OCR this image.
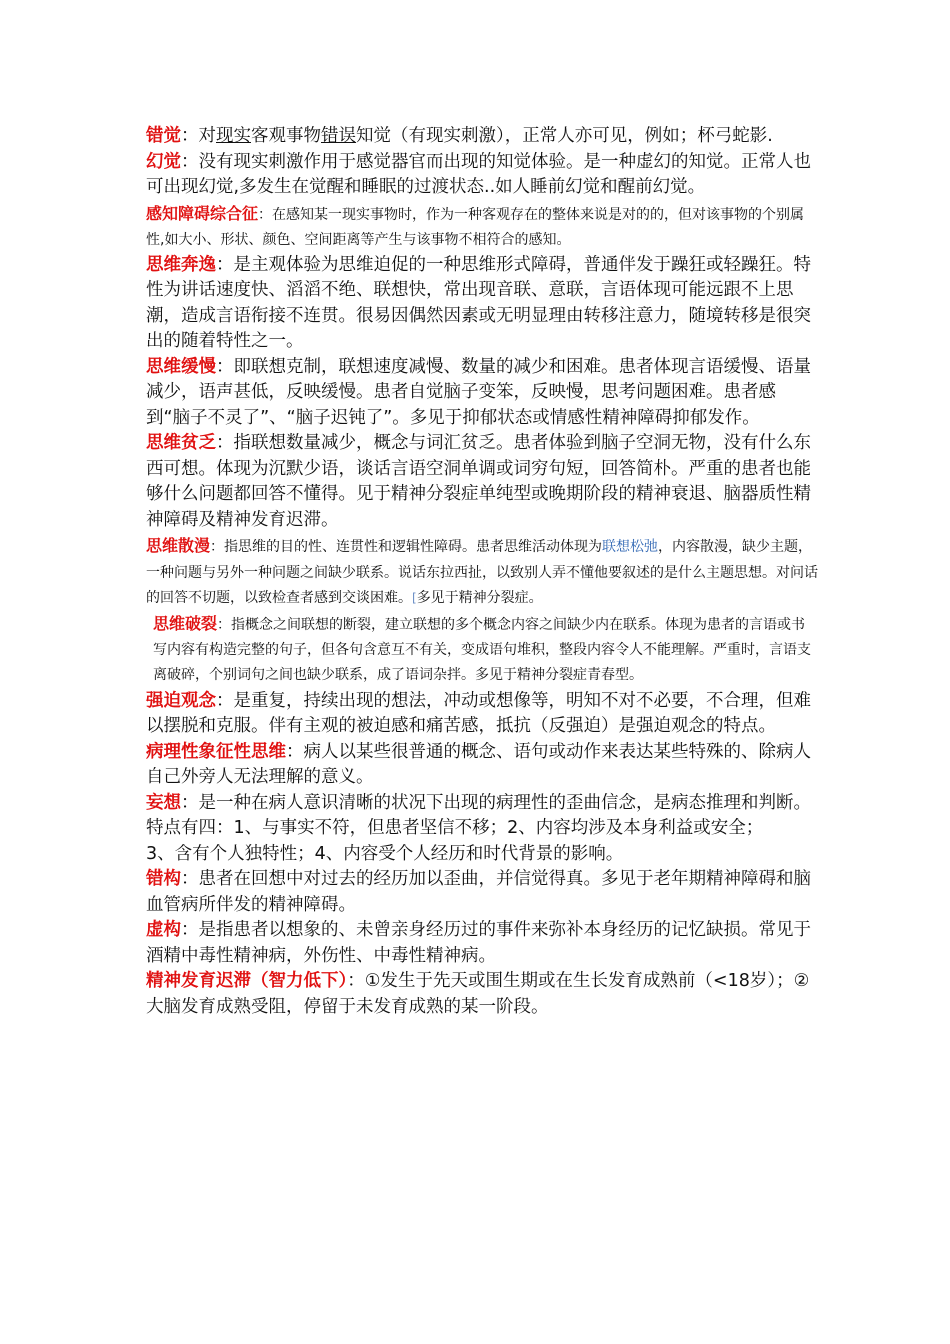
错觉：对现实客观事物错误知觉（有现实刺激），正常人亦可见，例如；杯弓蛇影.

幻觉：没有现实刺激作用于感觉器官而出现的知觉体验。是一种虚幻的知觉。正常人也可出现幻觉,多发生在觉醒和睡眠的过渡状态..如人睡前幻觉和醒前幻觉。

感知障碍综合征：在感知某一现实事物时，作为一种客观存在的整体来说是对的的，但对该事物的个别属性,如大小、形状、颜色、空间距离等产生与该事物不相符合的感知。

思维奔逸：是主观体验为思维迫促的一种思维形式障碍，普通伴发于躁狂或轻躁狂。特性为讲话速度快、滔滔不绝、联想快，常出现音联、意联，言语体现可能远跟不上思潮，造成言语衔接不连贯。很易因偶然因素或无明显理由转移注意力，随境转移是很突出的随着特性之一。

思维缓慢：即联想克制，联想速度减慢、数量的减少和困难。患者体现言语缓慢、语量减少，语声甚低，反映缓慢。患者自觉脑子变笨，反映慢，思考问题困难。患者感到“脑子不灵了”、“脑子迟钝了”。多见于抑郁状态或情感性精神障碍抑郁发作。

思维贫乏：指联想数量减少，概念与词汇贫乏。患者体验到脑子空洞无物，没有什么东西可想。体现为沉默少语，谈话言语空洞单调或词穷句短，回答简朴。严重的患者也能够什么问题都回答不懂得。见于精神分裂症单纯型或晚期阶段的精神衰退、脑器质性精神障碍及精神发育迟滞。

思维散漫：指思维的目的性、连贯性和逻辑性障碍。患者思维活动体现为联想松弛，内容散漫，缺少主题，一种问题与另外一种问题之间缺少联系。说话东拉西扯，以致别人弄不懂他要叙述的是什么主题思想。对问话的回答不切题，以致检查者感到交谈困难。[多见于精神分裂症。

思维破裂：指概念之间联想的断裂，建立联想的多个概念内容之间缺少内在联系。体现为患者的言语或书写内容有构造完整的句子，但各句含意互不有关，变成语句堆积，整段内容令人不能理解。严重时，言语支离破碎，个别词句之间也缺少联系，成了语词杂拌。多见于精神分裂症青春型。

强迫观念：是重复，持续出现的想法，冲动或想像等，明知不对不必要，不合理，但难以摆脱和克服。伴有主观的被迫感和痛苦感，抵抗（反强迫）是强迫观念的特点。

病理性象征性思维：病人以某些很普通的概念、语句或动作来表达某些特殊的、除病人自己外旁人无法理解的意义。

妄想：是一种在病人意识清晰的状况下出现的病理性的歪曲信念，是病态推理和判断。特点有四：1、与事实不符，但患者坚信不移；2、内容均涉及本身利益或安全；

3、含有个人独特性；4、内容受个人经历和时代背景的影响。

错构：患者在回想中对过去的经历加以歪曲，并信觉得真。多见于老年期精神障碍和脑血管病所伴发的精神障碍。

虚构：是指患者以想象的、未曾亲身经历过的事件来弥补本身经历的记忆缺损。常见于酒精中毒性精神病，外伤性、中毒性精神病。

精神发育迟滞（智力低下）：①发生于先天或围生期或在生长发育成熟前（<18岁）；②大脑发育成熟受阻，停留于未发育成熟的某一阶段。
